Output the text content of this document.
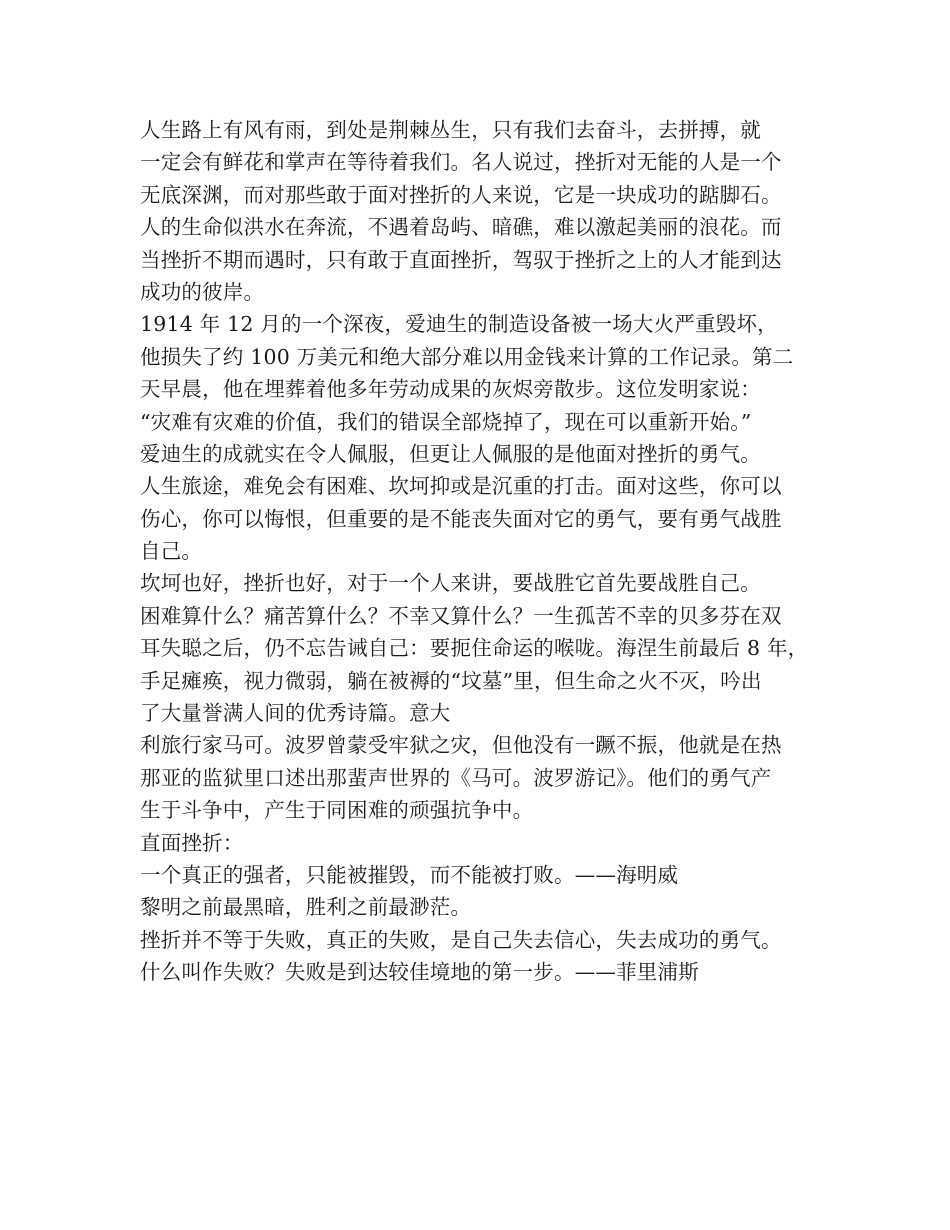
人生路上有风有雨，到处是荆棘丛生，只有我们去奋斗，去拼搏，就
一定会有鲜花和掌声在等待着我们。名人说过，挫折对无能的人是一个
无底深渊，而对那些敢于面对挫折的人来说，它是一块成功的踮脚石。
人的生命似洪水在奔流，不遇着岛屿、暗礁，难以激起美丽的浪花。而
当挫折不期而遇时，只有敢于直面挫折，驾驭于挫折之上的人才能到达
成功的彼岸。
1914 年 12 月的一个深夜，爱迪生的制造设备被一场大火严重毁坏，
他损失了约 100 万美元和绝大部分难以用金钱来计算的工作记录。第二
天早晨，他在埋葬着他多年劳动成果的灰烬旁散步。这位发明家说：
“灾难有灾难的价值，我们的错误全部烧掉了，现在可以重新开始。”
爱迪生的成就实在令人佩服，但更让人佩服的是他面对挫折的勇气。
人生旅途，难免会有困难、坎坷抑或是沉重的打击。面对这些，你可以
伤心，你可以悔恨，但重要的是不能丧失面对它的勇气，要有勇气战胜
自己。
坎坷也好，挫折也好，对于一个人来讲，要战胜它首先要战胜自己。
困难算什么？痛苦算什么？不幸又算什么？一生孤苦不幸的贝多芬在双
耳失聪之后，仍不忘告诫自己：要扼住命运的喉咙。海涅生前最后 8 年，
手足瘫痪，视力微弱，躺在被褥的“坟墓”里，但生命之火不灭，吟出
了大量誉满人间的优秀诗篇。意大
利旅行家马可。波罗曾蒙受牢狱之灾，但他没有一蹶不振，他就是在热
那亚的监狱里口述出那蜚声世界的《马可。波罗游记》。他们的勇气产
生于斗争中，产生于同困难的顽强抗争中。
直面挫折：
一个真正的强者，只能被摧毁，而不能被打败。——海明威
黎明之前最黑暗，胜利之前最渺茫。
挫折并不等于失败，真正的失败，是自己失去信心，失去成功的勇气。
什么叫作失败？失败是到达较佳境地的第一步。——菲里浦斯
